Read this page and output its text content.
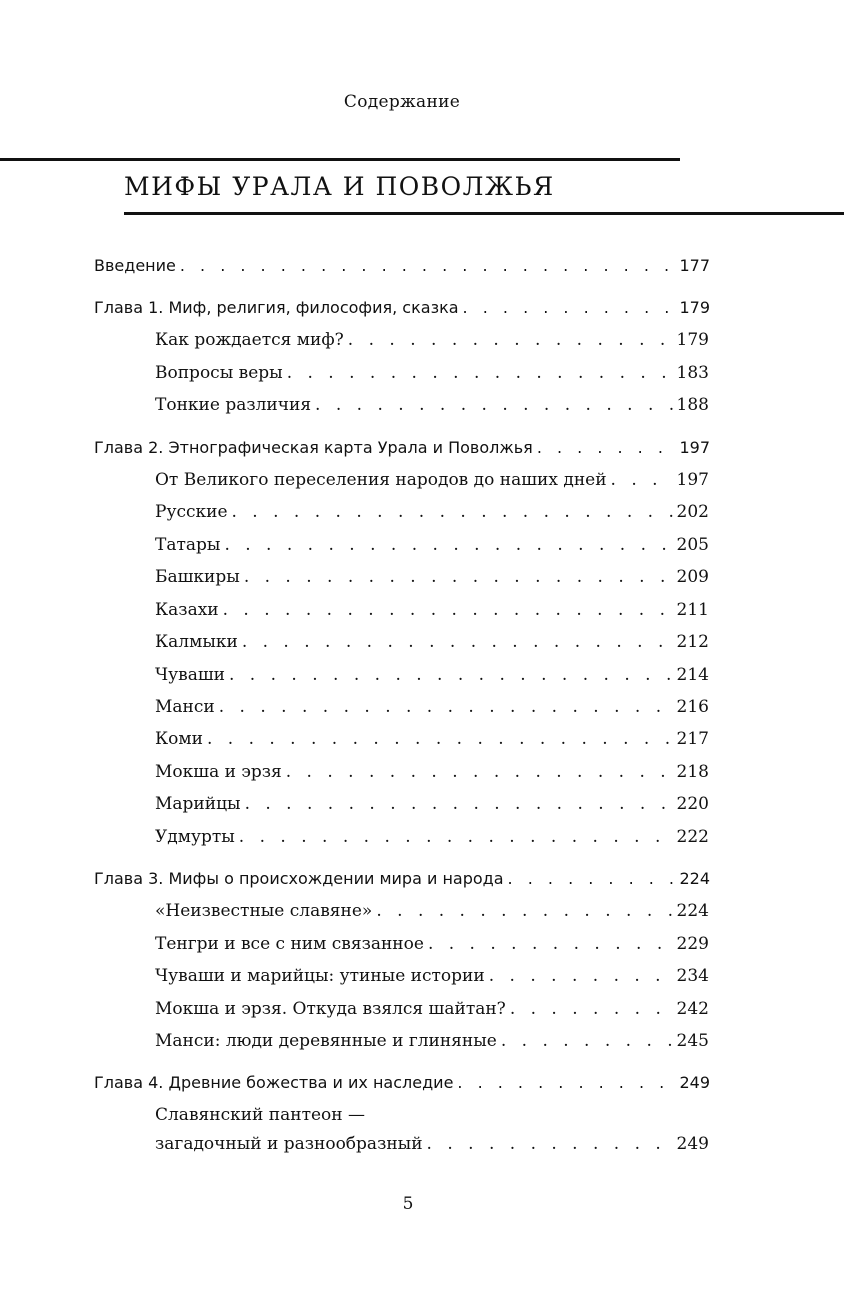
Содержание
МИФЫ УРАЛА И ПОВОЛЖЬЯ
Введение . . .	177
Глава 1. Миф, религия, философия, сказка . . .	179
Как рождается миф? . . .	179
Вопросы веры . . .	183
Тонкие различия . . .	188
Глава 2. Этнографическая карта Урала и Поволжья . . .	197
От Великого переселения народов до наших дней . . .	197
Русские . . .	202
Татары . . .	205
Башкиры . . .	209
Казахи . . .	211
Калмыки . . .	212
Чуваши . . .	214
Манси . . .	216
Коми . . .	217
Мокша и эрзя . . .	218
Марийцы . . .	220
Удмурты . . .	222
Глава 3. Мифы о происхождении мира и народа . . .	224
«Неизвестные славяне» . . .	224
Тенгри и все с ним связанное . . .	229
Чуваши и марийцы: утиные истории . . .	234
Мокша и эрзя. Откуда взялся шайтан? . . .	242
Манси: люди деревянные и глиняные . . .	245
Глава 4. Древние божества и их наследие . . .	249
Славянский пантеон —
загадочный и разнообразный . . .	249
5
